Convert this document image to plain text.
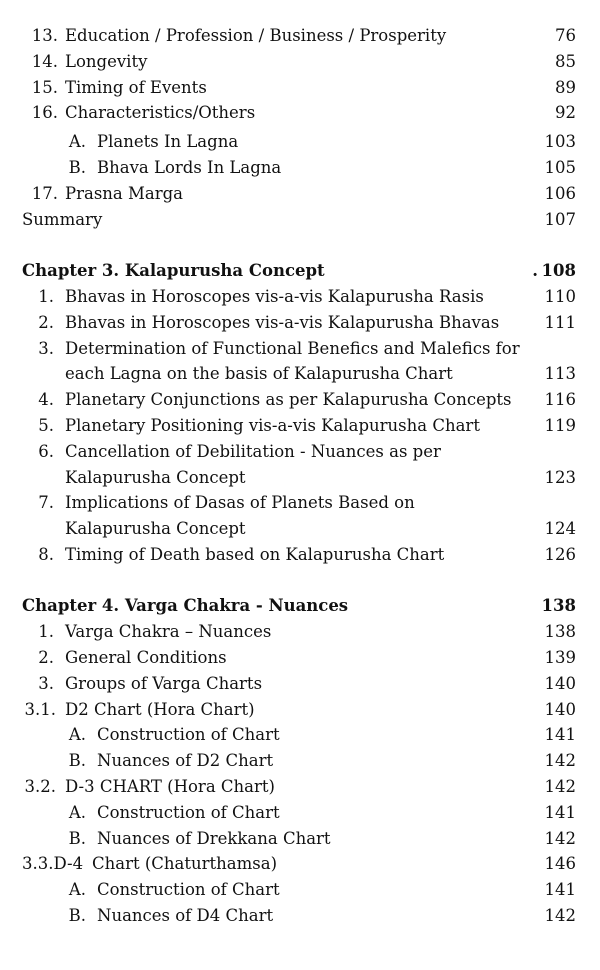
13. Education / Profession / Business / Prosperity	76
14. Longevity	85
15. Timing of Events	89
16. Characteristics/Others	92
A. Planets In Lagna	103
B. Bhava Lords In Lagna	105
17. Prasna Marga	106
Summary	107
Chapter 3. Kalapurusha Concept	. 108
1. Bhavas in Horoscopes vis-a-vis Kalapurusha Rasis	110
2. Bhavas in Horoscopes vis-a-vis Kalapurusha Bhavas	111
3. Determination of Functional Benefics and Malefics for
each Lagna on the basis of Kalapurusha Chart	113
4. Planetary Conjunctions as per Kalapurusha Concepts 116
5. Planetary Positioning vis-a-vis Kalapurusha Chart	119
6. Cancellation of Debilitation - Nuances as per
Kalapurusha Concept	123
7. Implications of Dasas of Planets Based on
Kalapurusha Concept	124
8. Timing of Death based on Kalapurusha Chart	126
Chapter 4. Varga Chakra - Nuances	138
1. Varga Chakra – Nuances	138
2. General Conditions	139
3. Groups of Varga Charts	140
3.1. D2 Chart (Hora Chart)	140
A. Construction of Chart	141
B. Nuances of D2 Chart	142
3.2. D-3 CHART (Hora Chart)	142
A. Construction of Chart	141
B. Nuances of Drekkana Chart	142
3.3.D-4 Chart (Chaturthamsa)	146
A. Construction of Chart	141
B. Nuances of D4 Chart	142
